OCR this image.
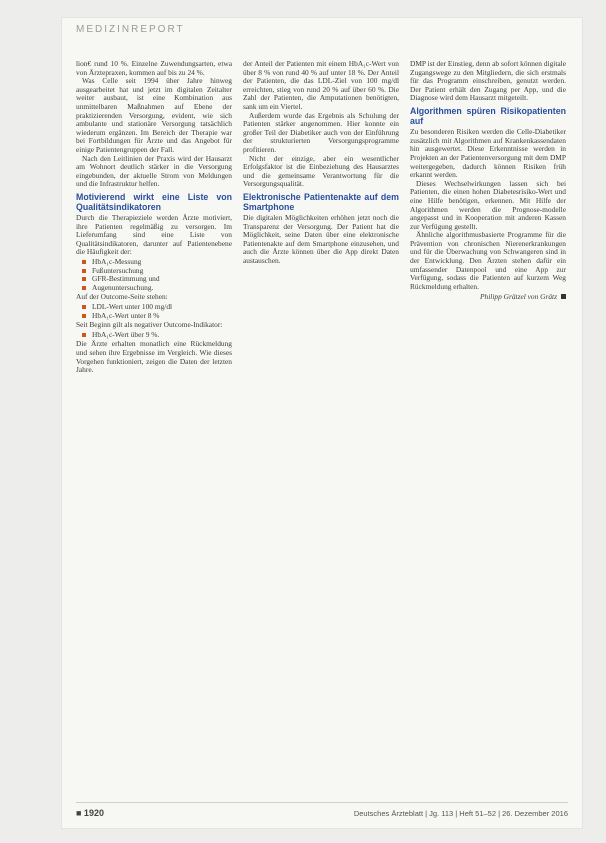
MEDIZINREPORT

lion€ rund 10 %. Einzelne Zuwendungsarten, etwa von Ärztepraxen, kommen auf bis zu 24 %.

Was Celle seit 1994 über Jahre hinweg ausgearbeitet hat und jetzt im digitalen Zeitalter weiter ausbaut, ist eine Kombination aus unmittelbaren Maßnahmen auf Ebene der praktizierenden Versorgung, evident, wie sich ambulante und stationäre Versorgung tatsächlich wiederum ergänzen. Im Bereich der Therapie war bei Fortbildungen für Ärzte und das Angebot für einige Patientengruppen der Fall.

Nach den Leitlinien der Praxis wird der Hausarzt am Wohnort deutlich stärker in die Versorgung eingebunden, der aktuelle Strom von Meldungen und die Infrastruktur helfen.

Motivierend wirkt eine Liste von Qualitätsindikatoren

Durch die Therapieziele werden Ärzte motiviert, ihre Patienten regelmäßig zu versorgen. Im Lieferumfang sind eine Liste von Qualitätsindikatoren, darunter auf Patientenebene die Häufigkeit der:

HbA₁c-Messung
Fußuntersuchung
GFR-Bestimmung und
Augenuntersuchung.

Auf der Outcome-Seite stehen:

LDL-Wert unter 100 mg/dl
HbA₁c-Wert unter 8 %

Seit Beginn gilt als negativer Outcome-Indikator:

HbA₁c-Wert über 9 %.

Die Ärzte erhalten monatlich eine Rückmeldung und sehen ihre Ergebnisse im Vergleich. Wie dieses Vorgehen funktioniert, zeigen die Daten der letzten Jahre.

der Anteil der Patienten mit einem HbA₁c-Wert von über 8 % von rund 40 % auf unter 18 %. Der Anteil der Patienten, die das LDL-Ziel von 100 mg/dl erreichten, stieg von rund 20 % auf über 60 %. Die Zahl der Patienten, die Amputationen benötigten, sank um ein Viertel.

Außerdem wurde das Ergebnis als Schulung der Patienten stärker angenommen. Hier konnte ein großer Teil der Diabetiker auch von der Einführung der strukturierten Versorgungsprogramme profitieren.

Nicht der einzige, aber ein wesentlicher Erfolgsfaktor ist die Einbeziehung des Hausarztes und die gemeinsame Verantwortung für die Versorgungsqualität.

Elektronische Patientenakte auf dem Smartphone

Die digitalen Möglichkeiten erhöhen jetzt noch die Transparenz der Versorgung. Der Patient hat die Möglichkeit, seine Daten über eine elektronische Patientenakte auf dem Smartphone einzusehen, und auch die Ärzte können über die App direkt Daten austauschen.

DMP ist der Einstieg, denn ab sofort können digitale Zugangswege zu den Mitgliedern, die sich erstmals für das Programm einschreiben, genutzt werden. Der Patient erhält den Zugang per App, und die Diagnose wird dem Hausarzt mitgeteilt.

Algorithmen spüren Risikopatienten auf

Zu besonderen Risiken werden die Celle-Diabetiker zusätzlich mit Algorithmen auf Krankenkassendaten hin ausgewertet. Diese Erkenntnisse werden in Projekten an der Patientenversorgung mit dem DMP weitergegeben, dadurch können Risiken früh erkannt werden.

Dieses Wechselwirkungen lassen sich bei Patienten, die einen hohen Diabetesrisiko-Wert und eine Hilfe benötigen, erkennen. Mit Hilfe der Algorithmen werden die Prognose-modelle angepasst und in Kooperation mit anderen Kassen zur Verfügung gestellt.

Ähnliche algorithmusbasierte Programme für die Prävention von chronischen Nierenerkrankungen und für die Überwachung von Schwangeren sind in der Entwicklung. Den Ärzten stehen dafür ein umfassender Datenpool und eine App zur Verfügung, sodass die Patienten auf kurzem Weg Rückmeldung erhalten.

Philipp Grätzel von Grätz

■ 1920	Deutsches Ärzteblatt | Jg. 113 | Heft 51–52 | 26. Dezember 2016
